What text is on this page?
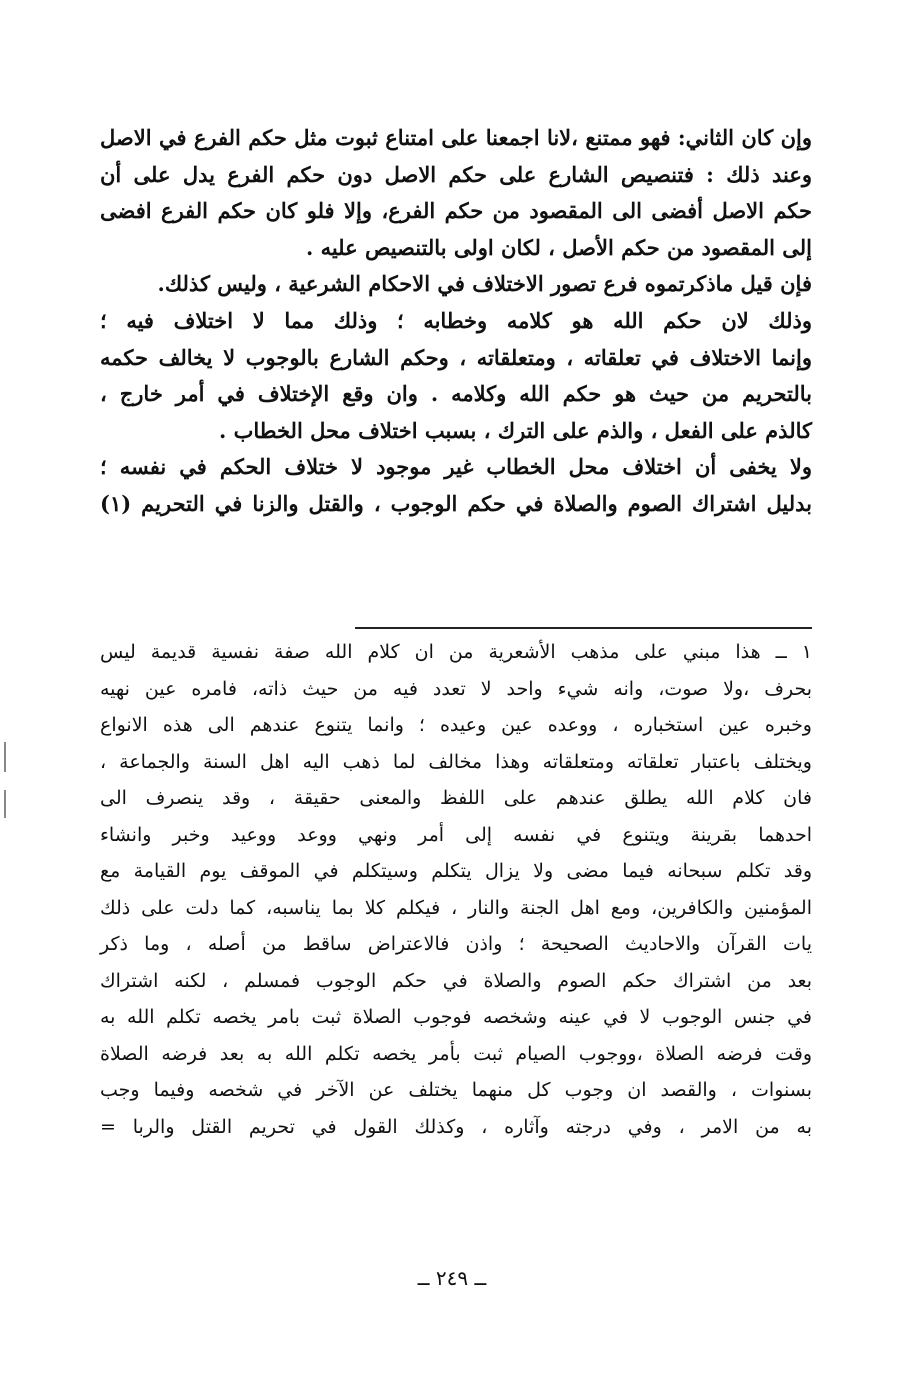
وإن كان الثاني: فهو ممتنع ،لانا اجمعنا على امتناع ثبوت مثل حكم الفرع في الاصل
وعند ذلك : فتنصيص الشارع على حكم الاصل دون حكم الفرع يدل على أن
حكم الاصل أفضى الى المقصود من حكم الفرع، وإلا فلو كان حكم الفرع افضى
إلى المقصود من حكم الأصل ، لكان اولى بالتنصيص عليه .
فإن قيل ماذكرتموه فرع تصور الاختلاف في الاحكام الشرعية ، وليس كذلك.
وذلك لان حكم الله هو كلامه وخطابه ؛ وذلك مما لا اختلاف فيه ؛
وإنما الاختلاف في تعلقاته ، ومتعلقاته ، وحكم الشارع بالوجوب لا يخالف حكمه
بالتحريم من حيث هو حكم الله وكلامه . وان وقع الإختلاف في أمر خارج ،
كالذم على الفعل ، والذم على الترك ، بسبب اختلاف محل الخطاب .
ولا يخفى أن اختلاف محل الخطاب غير موجود لا ختلاف الحكم في نفسه ؛
بدليل اشتراك الصوم والصلاة في حكم الوجوب ، والقتل والزنا في التحريم (١)
١ ــ هذا مبني على مذهب الأشعرية من ان كلام الله صفة نفسية قديمة ليس
بحرف ،ولا صوت، وانه شيء واحد لا تعدد فيه من حيث ذاته، فامره عين نهيه
وخبره عين استخباره ، ووعده عين وعيده ؛ وانما يتنوع عندهم الى هذه الانواع
ويختلف باعتبار تعلقاته ومتعلقاته وهذا مخالف لما ذهب اليه اهل السنة والجماعة ،
فان كلام الله يطلق عندهم على اللفظ والمعنى حقيقة ، وقد ينصرف الى
احدهما بقرينة ويتنوع في نفسه إلى أمر ونهي ووعد ووعيد وخبر وانشاء
وقد تكلم سبحانه فيما مضى ولا يزال يتكلم وسيتكلم في الموقف يوم القيامة مع
المؤمنين والكافرين، ومع اهل الجنة والنار ، فيكلم كلا بما يناسبه، كما دلت على ذلك
يات القرآن والاحاديث الصحيحة ؛ واذن فالاعتراض ساقط من أصله ، وما ذكر
بعد من اشتراك حكم الصوم والصلاة في حكم الوجوب فمسلم ، لكنه اشتراك
في جنس الوجوب لا في عينه وشخصه فوجوب الصلاة ثبت بامر يخصه تكلم الله به
وقت فرضه الصلاة ،ووجوب الصيام ثبت بأمر يخصه تكلم الله به بعد فرضه الصلاة
بسنوات ، والقصد ان وجوب كل منهما يختلف عن الآخر في شخصه وفيما وجب
به من الامر ، وفي درجته وآثاره ، وكذلك القول في تحريم القتل والربا =
ــ ٢٤٩ ــ
